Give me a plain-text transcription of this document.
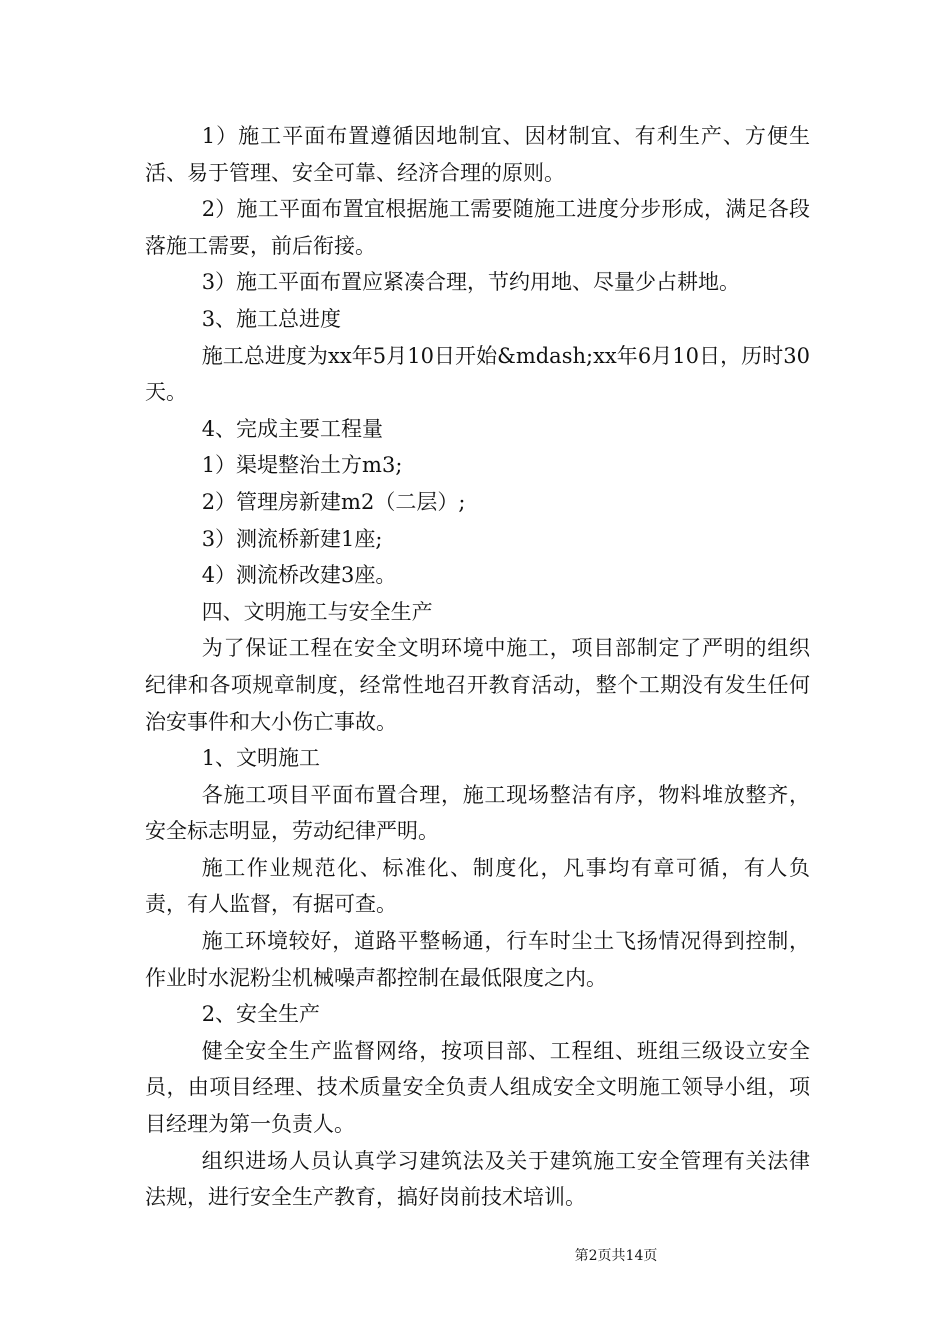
1）施工平面布置遵循因地制宜、因材制宜、有利生产、方便生活、易于管理、安全可靠、经济合理的原则。

2）施工平面布置宜根据施工需要随施工进度分步形成，满足各段落施工需要，前后衔接。

3）施工平面布置应紧凑合理，节约用地、尽量少占耕地。

3、施工总进度

施工总进度为xx年5月10日开始&mdash;xx年6月10日，历时30天。

4、完成主要工程量

1）渠堤整治土方m3;

2）管理房新建m2（二层）;

3）测流桥新建1座;

4）测流桥改建3座。

四、文明施工与安全生产

为了保证工程在安全文明环境中施工，项目部制定了严明的组织纪律和各项规章制度，经常性地召开教育活动，整个工期没有发生任何治安事件和大小伤亡事故。

1、文明施工

各施工项目平面布置合理，施工现场整洁有序，物料堆放整齐，安全标志明显，劳动纪律严明。

施工作业规范化、标准化、制度化，凡事均有章可循，有人负责，有人监督，有据可查。

施工环境较好，道路平整畅通，行车时尘土飞扬情况得到控制，作业时水泥粉尘机械噪声都控制在最低限度之内。

2、安全生产

健全安全生产监督网络，按项目部、工程组、班组三级设立安全员，由项目经理、技术质量安全负责人组成安全文明施工领导小组，项目经理为第一负责人。

组织进场人员认真学习建筑法及关于建筑施工安全管理有关法律法规，进行安全生产教育，搞好岗前技术培训。

第2页共14页
